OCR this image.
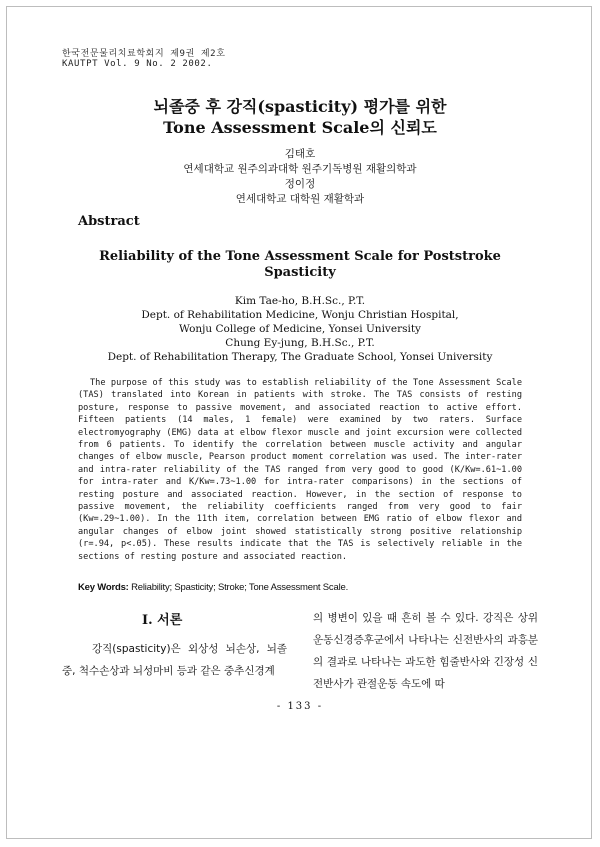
한국전문물리치료학회지 제9권 제2호
KAUTPT Vol. 9 No. 2 2002.
뇌졸중 후 강직(spasticity) 평가를 위한
Tone Assessment Scale의 신뢰도
김태호
연세대학교 원주의과대학 원주기독병원 재활의학과
정이정
연세대학교 대학원 재활학과
Abstract
Reliability of the Tone Assessment Scale for Poststroke
Spasticity
Kim Tae-ho, B.H.Sc., P.T.
Dept. of Rehabilitation Medicine, Wonju Christian Hospital,
Wonju College of Medicine, Yonsei University
Chung Ey-jung, B.H.Sc., P.T.
Dept. of Rehabilitation Therapy, The Graduate School, Yonsei University
The purpose of this study was to establish reliability of the Tone Assessment Scale (TAS) translated into Korean in patients with stroke. The TAS consists of resting posture, response to passive movement, and associated reaction to active effort. Fifteen patients (14 males, 1 female) were examined by two raters. Surface electromyography (EMG) data at elbow flexor muscle and joint excursion were collected from 6 patients. To identify the correlation between muscle activity and angular changes of elbow muscle, Pearson product moment correlation was used. The inter-rater and intra-rater reliability of the TAS ranged from very good to good (K/Kw=.61~1.00 for intra-rater and K/Kw=.73~1.00 for intra-rater comparisons) in the sections of resting posture and associated reaction. However, in the section of response to passive movement, the reliability coefficients ranged from very good to fair (Kw=.29~1.00). In the 11th item, correlation between EMG ratio of elbow flexor and angular changes of elbow joint showed statistically strong positive relationship (r=.94, p<.05). These results indicate that the TAS is selectively reliable in the sections of resting posture and associated reaction.
Key Words: Reliability; Spasticity; Stroke; Tone Assessment Scale.
Ⅰ. 서론
강직(spasticity)은 외상성 뇌손상, 뇌졸중, 척수손상과 뇌성마비 등과 같은 중추신경계
의 병변이 있을 때 흔히 볼 수 있다. 강직은 상위운동신경증후군에서 나타나는 신전반사의 과흥분의 결과로 나타나는 과도한 힘줄반사와 긴장성 신전반사가 관절운동 속도에 따
- 133 -
